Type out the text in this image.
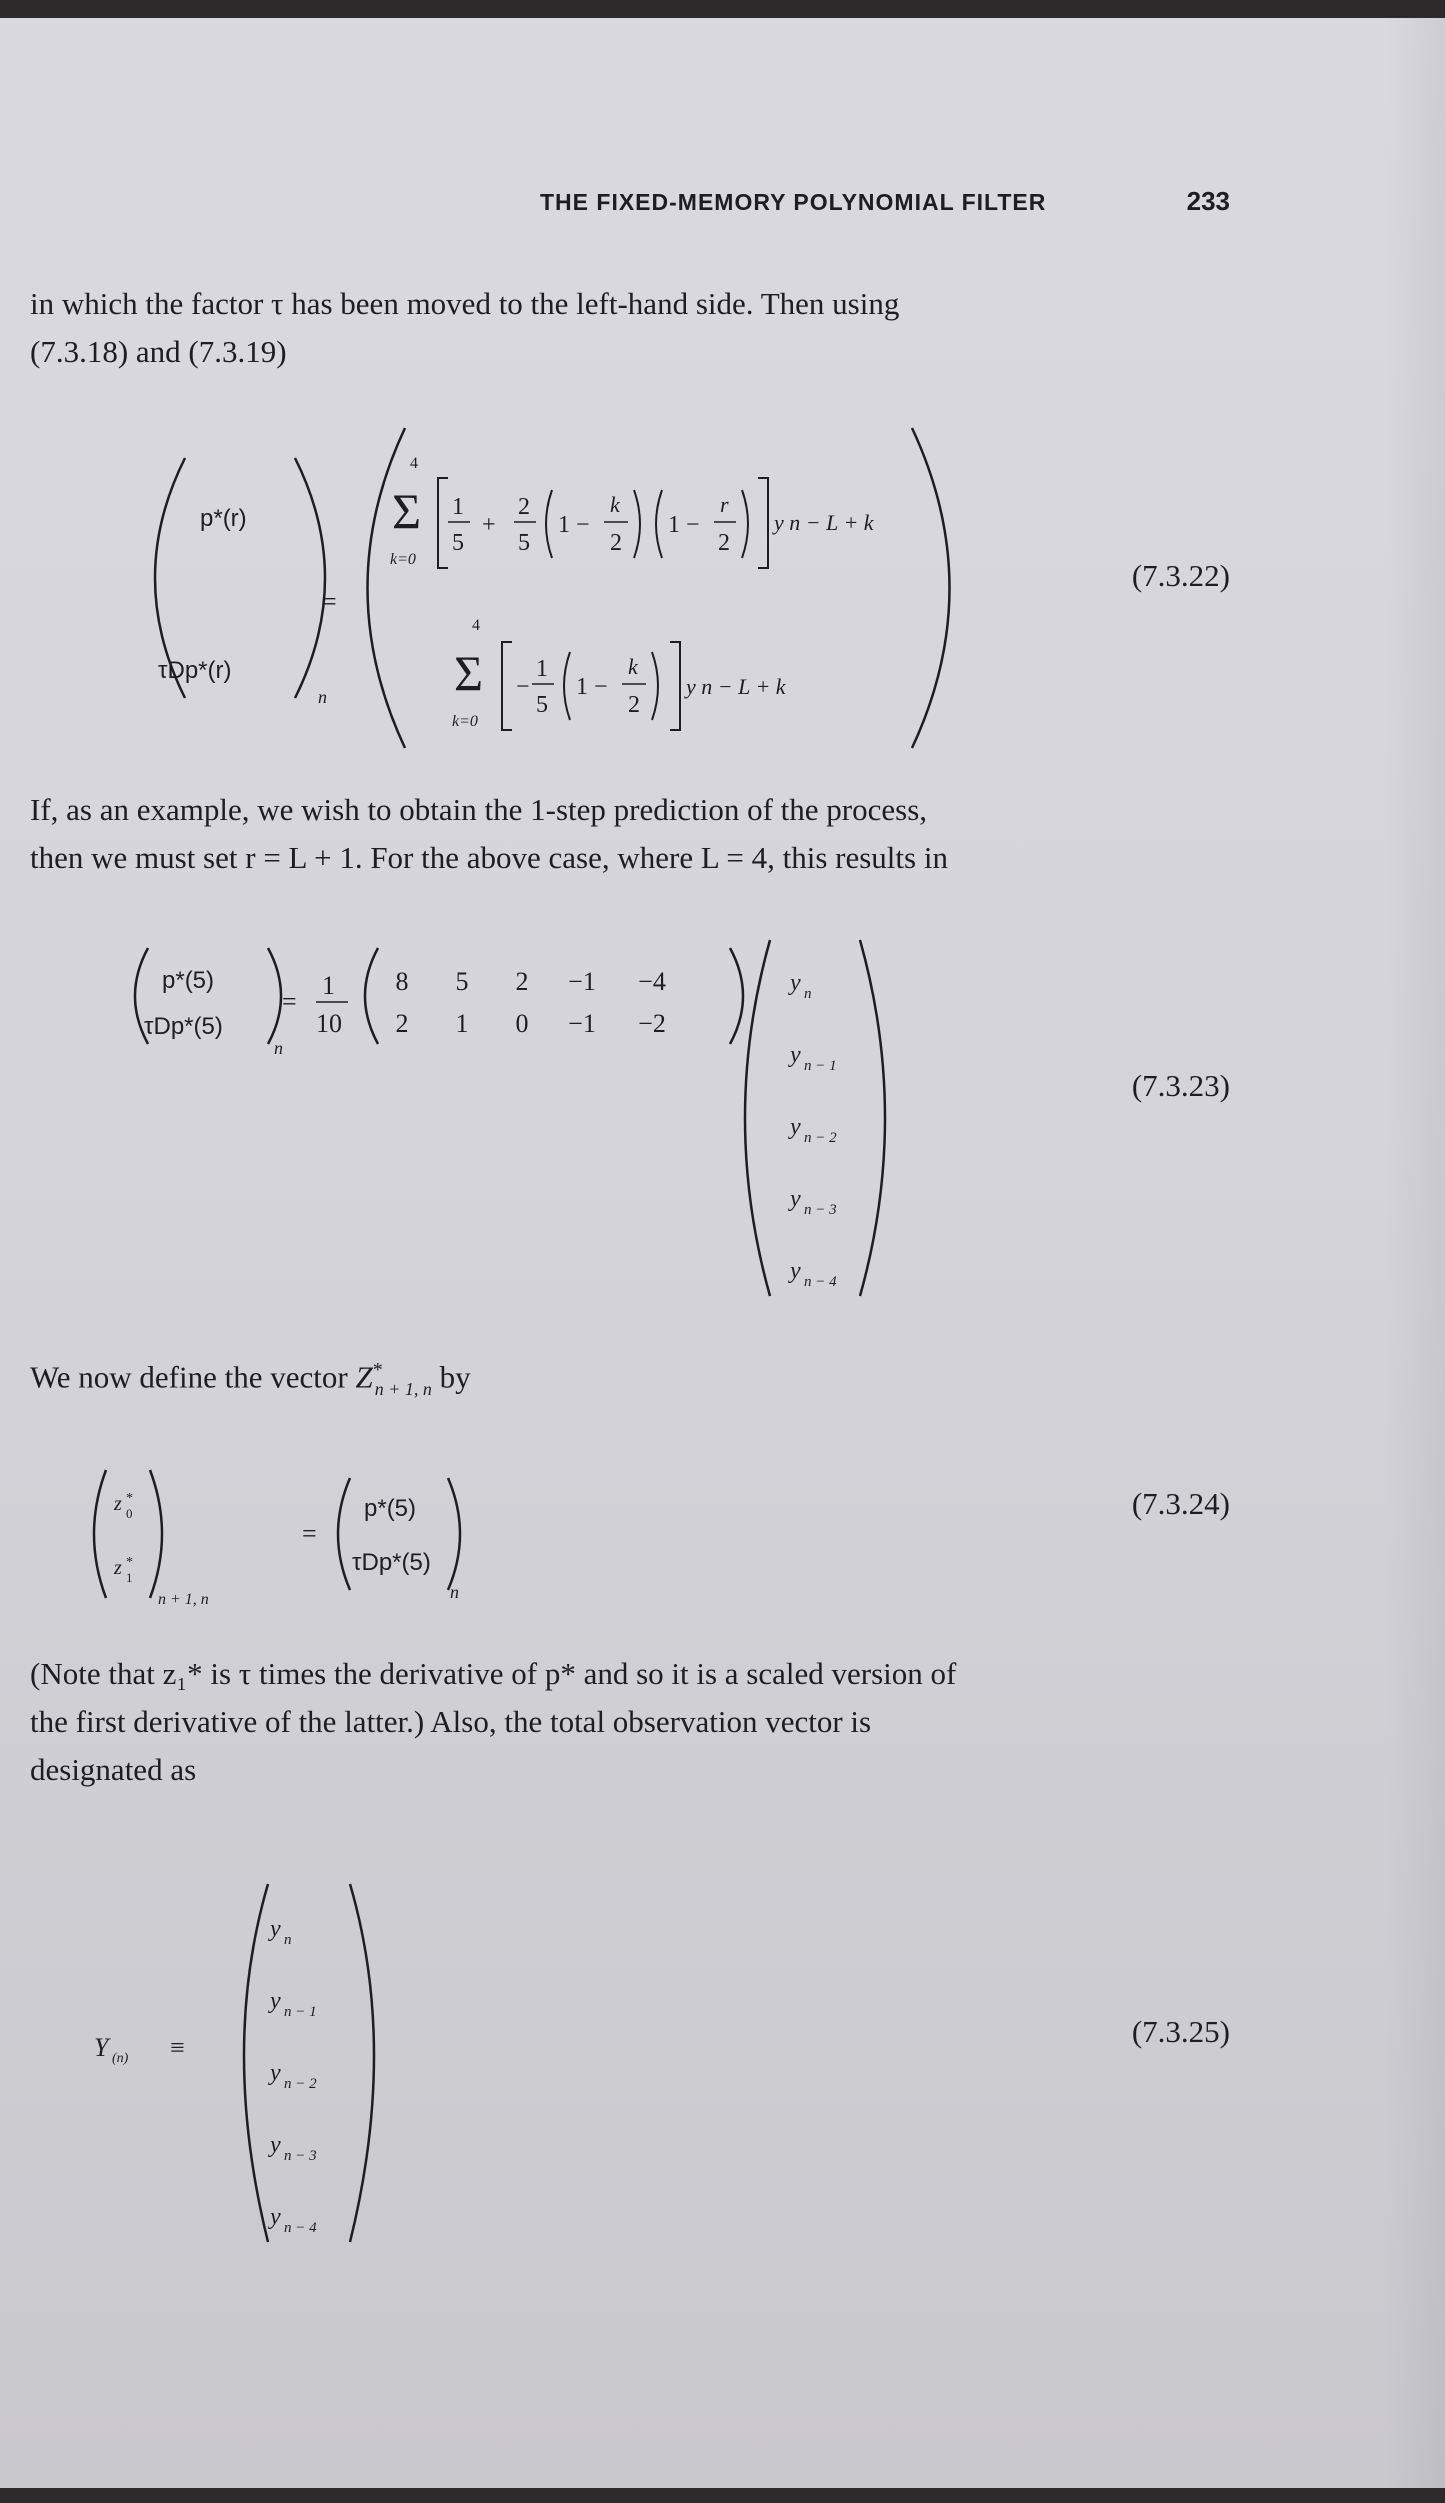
THE FIXED-MEMORY POLYNOMIAL FILTER	233
in which the factor τ has been moved to the left-hand side. Then using
(7.3.18) and (7.3.19)
p*(r)
τDp*(r)
n
=
4
Σ
k=0
1
5
+
2
5
1 −
k
2
1 −
r
2
y n − L + k
4
Σ
k=0
−
1
5
1 −
k
2
y n − L + k
(7.3.22)
If, as an example, we wish to obtain the 1-step prediction of the process,
then we must set r = L + 1. For the above case, where L = 4, this results in
p*(5)
τDp*(5)
n
=
1
10
8 5 2 −1 −4
2 1 0 −1 −2
y n
y n − 1
y n − 2
y n − 3
y n − 4
(7.3.23)
We now define the vector $Z^*_{n + 1, n}$ by
z *
0
z *
1
n + 1, n
=
p*(5)
τDp*(5)
n
(7.3.24)
(Note that z₁* is τ times the derivative of p* and so it is a scaled version of
the first derivative of the latter.) Also, the total observation vector is
designated as
Y (n) ≡
y n
y n − 1
y n − 2
y n − 3
y n − 4
(7.3.25)
